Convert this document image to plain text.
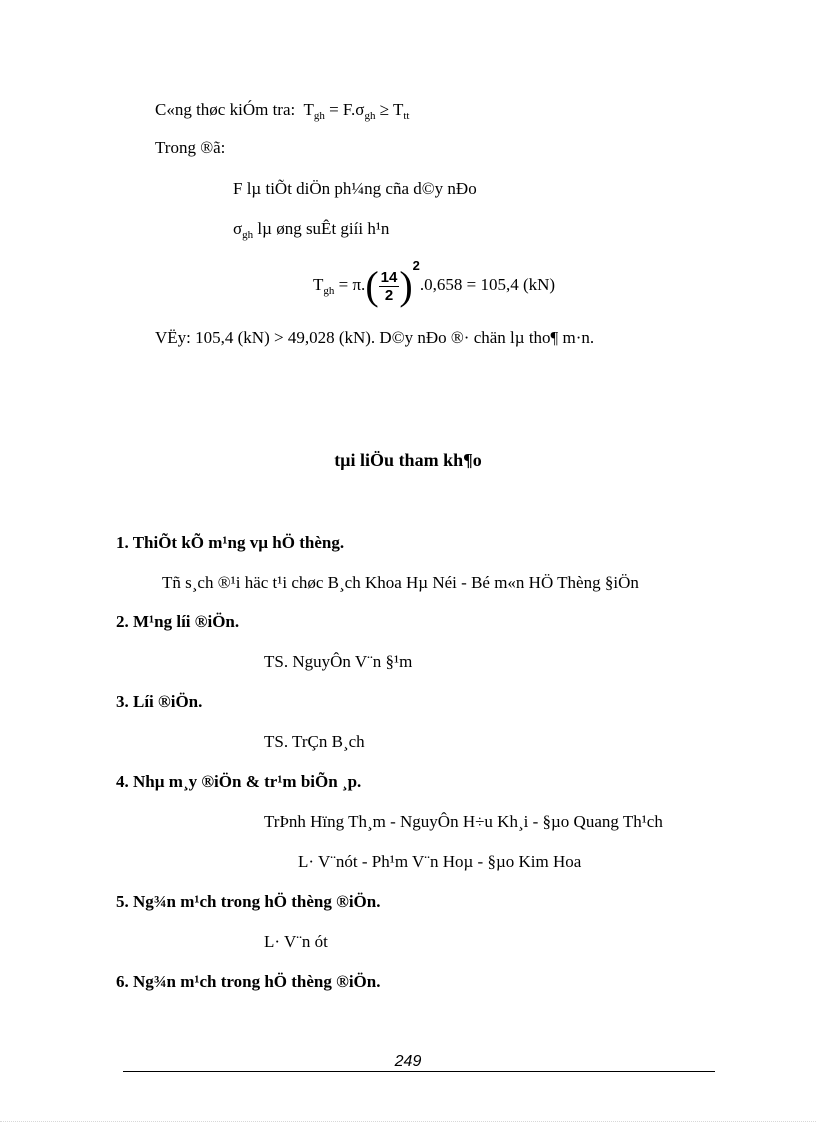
C«ng thøc kiÓm tra: $T_{gh} = F.\sigma_{gh} \ge T_{tt}$
Trong ®ã:
F lµ tiÕt diÖn ph¼ng cña d©y nÐo
$\sigma_{gh}$ lµ øng suÊt giíi h¹n
$T_{gh} = \pi.( \frac{14}{2} )^2.0,658 = 105,4$ (kN)
VËy: 105,4 (kN) > 49,028 (kN). D©y nÐo ®· chän lµ tho¶ m·n.
tµi liÖu tham kh¶o
1. ThiÕt kÕ m¹ng vµ hÖ thèng.
Tñ s¸ch ®¹i häc t¹i chøc B¸ch Khoa Hµ Néi - Bé m«n HÖ Thèng §iÖn
2. M¹ng líi ®iÖn.
TS. NguyÔn V¨n §¹m
3. Líi ®iÖn.
TS. TrÇn B¸ch
4. Nhµ m¸y ®iÖn & tr¹m biÕn ¸p.
TrÞnh Hïng Th¸m - NguyÔn H÷u Kh¸i - §µo Quang Th¹ch
L· V¨nót - Ph¹m V¨n Hoµ - §µo Kim Hoa
5. Ng¾n m¹ch trong hÖ thèng ®iÖn.
L· V¨n ót
6. Ng¾n m¹ch trong hÖ thèng ®iÖn.
249
